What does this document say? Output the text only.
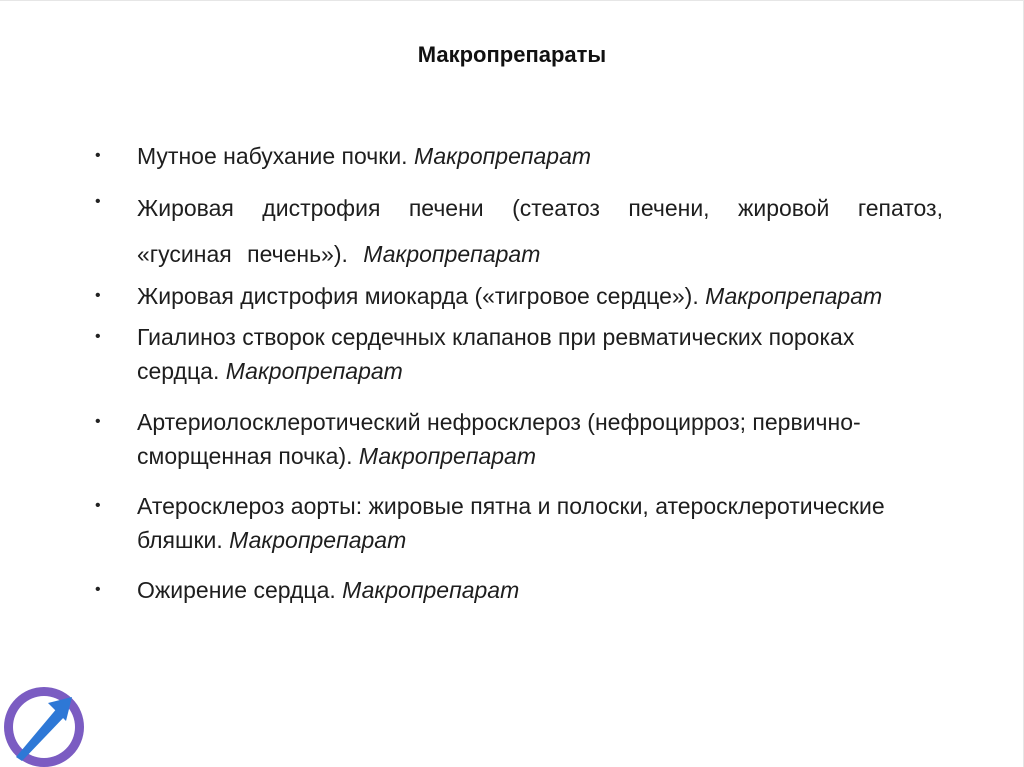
Макропрепараты
• Мутное набухание почки. Макропрепарат
• Жировая дистрофия печени (стеатоз печени, жировой гепатоз, «гусиная печень»). Макропрепарат
• Жировая дистрофия миокарда («тигровое сердце»). Макропрепарат
• Гиалиноз створок сердечных клапанов при ревматических пороках сердца. Макропрепарат
• Артериолосклеротический нефросклероз (нефроцирроз; первично-сморщенная почка). Макропрепарат
• Атеросклероз аорты: жировые пятна и полоски, атеросклеротические бляшки. Макропрепарат
• Ожирение сердца. Макропрепарат
